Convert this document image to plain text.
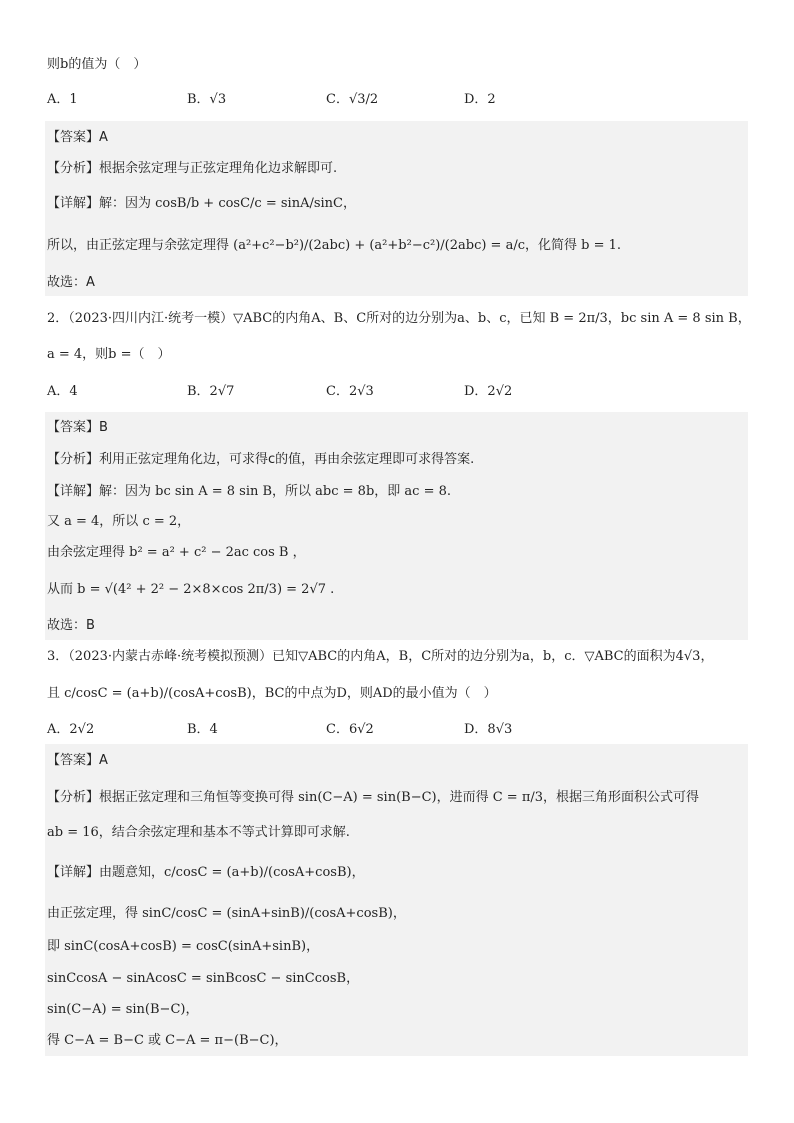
则b的值为（　）
A．1	B．√3	C．√3/2	D．2
【答案】A
【分析】根据余弦定理与正弦定理角化边求解即可.
【详解】解：因为 cosB/b + cosC/c = sinA/sinC，
所以，由正弦定理与余弦定理得 (a²+c²−b²)/(2abc) + (a²+b²−c²)/(2abc) = a/c，化简得 b = 1.
故选：A
2．（2023·四川内江·统考一模）▽ABC的内角A、B、C所对的边分别为a、b、c，已知 B = 2π/3，bc sin A = 8 sin B，
a = 4，则b =（　）
A．4	B．2√7	C．2√3	D．2√2
【答案】B
【分析】利用正弦定理角化边，可求得c的值，再由余弦定理即可求得答案.
【详解】解：因为 bc sin A = 8 sin B，所以 abc = 8b，即 ac = 8.
又 a = 4，所以 c = 2，
由余弦定理得 b² = a² + c² − 2ac cos B ，
从而 b = √(4² + 2² − 2×8×cos 2π/3) = 2√7 .
故选：B
3．（2023·内蒙古赤峰·统考模拟预测）已知▽ABC的内角A，B，C所对的边分别为a，b，c．▽ABC的面积为4√3，
且 c/cosC = (a+b)/(cosA+cosB)，BC的中点为D，则AD的最小值为（　）
A．2√2	B．4	C．6√2	D．8√3
【答案】A
【分析】根据正弦定理和三角恒等变换可得 sin(C−A) = sin(B−C)，进而得 C = π/3，根据三角形面积公式可得
ab = 16，结合余弦定理和基本不等式计算即可求解.
【详解】由题意知，c/cosC = (a+b)/(cosA+cosB)，
由正弦定理，得 sinC/cosC = (sinA+sinB)/(cosA+cosB)，
即 sinC(cosA+cosB) = cosC(sinA+sinB)，
sinCcosA − sinAcosC = sinBcosC − sinCcosB，
sin(C−A) = sin(B−C)，
得 C−A = B−C 或 C−A = π−(B−C)，
